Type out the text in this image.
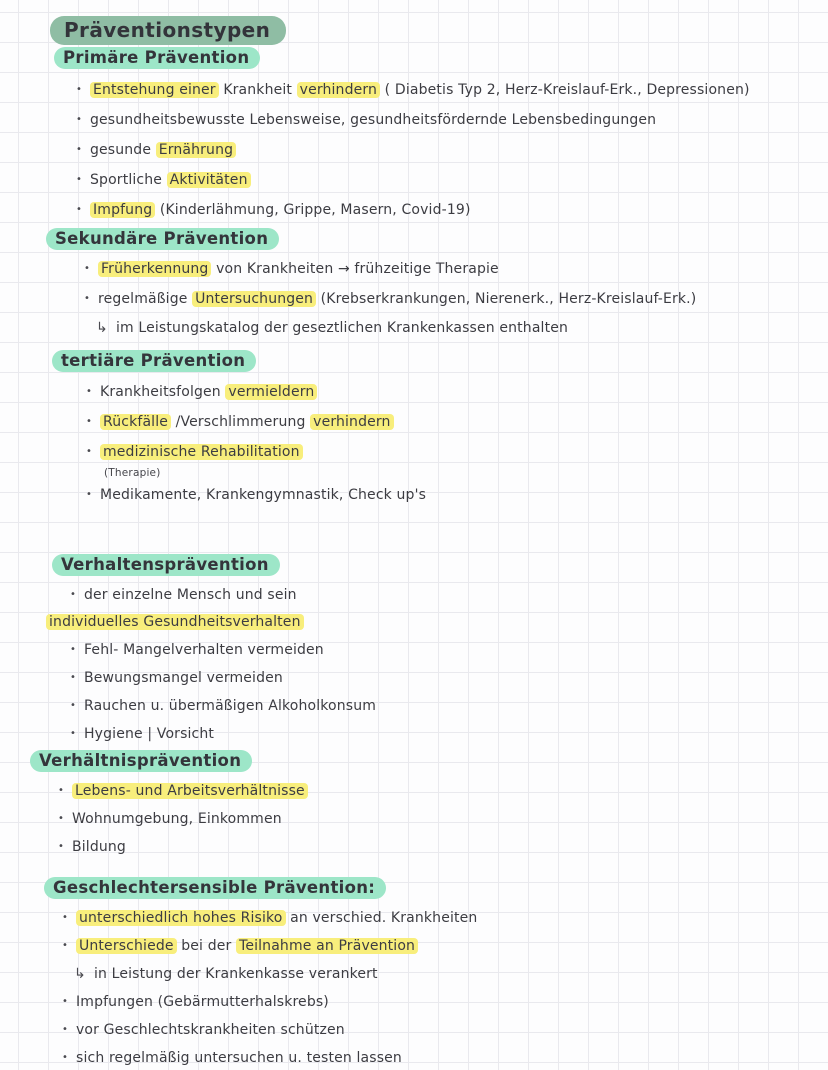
Präventionstypen
Primäre Prävention
• Entstehung einer Krankheit verhindern ( Diabetis Typ 2, Herz-Kreislauf-Erk., Depressionen)
• gesundheitsbewusste Lebensweise, gesundheitsfördernde Lebensbedingungen
• gesunde Ernährung
• Sportliche Aktivitäten
• Impfung (Kinderlähmung, Grippe, Masern, Covid-19)
Sekundäre Prävention
• Früherkennung von Krankheiten → frühzeitige Therapie
• regelmäßige Untersuchungen (Krebserkrankungen, Nierenerk., Herz-Kreislauf-Erk.)
↳ im Leistungskatalog der geseztlichen Krankenkassen enthalten
tertiäre Prävention
• Krankheitsfolgen vermieldern
• Rückfälle /Verschlimmerung verhindern
• medizinische Rehabilitation
(Therapie)
• Medikamente, Krankengymnastik, Check up's
Verhaltensprävention
• der einzelne Mensch und sein
individuelles Gesundheitsverhalten
• Fehl- Mangelverhalten vermeiden
• Bewungsmangel vermeiden
• Rauchen u. übermäßigen Alkoholkonsum
• Hygiene | Vorsicht
Verhältnisprävention
• Lebens- und Arbeitsverhältnisse
• Wohnumgebung, Einkommen
• Bildung
Geschlechtersensible Prävention:
• unterschiedlich hohes Risiko an verschied. Krankheiten
• Unterschiede bei der Teilnahme an Prävention
↳ in Leistung der Krankenkasse verankert
• Impfungen (Gebärmutterhalskrebs)
• vor Geschlechtskrankheiten schützen
• sich regelmäßig untersuchen u. testen lassen
